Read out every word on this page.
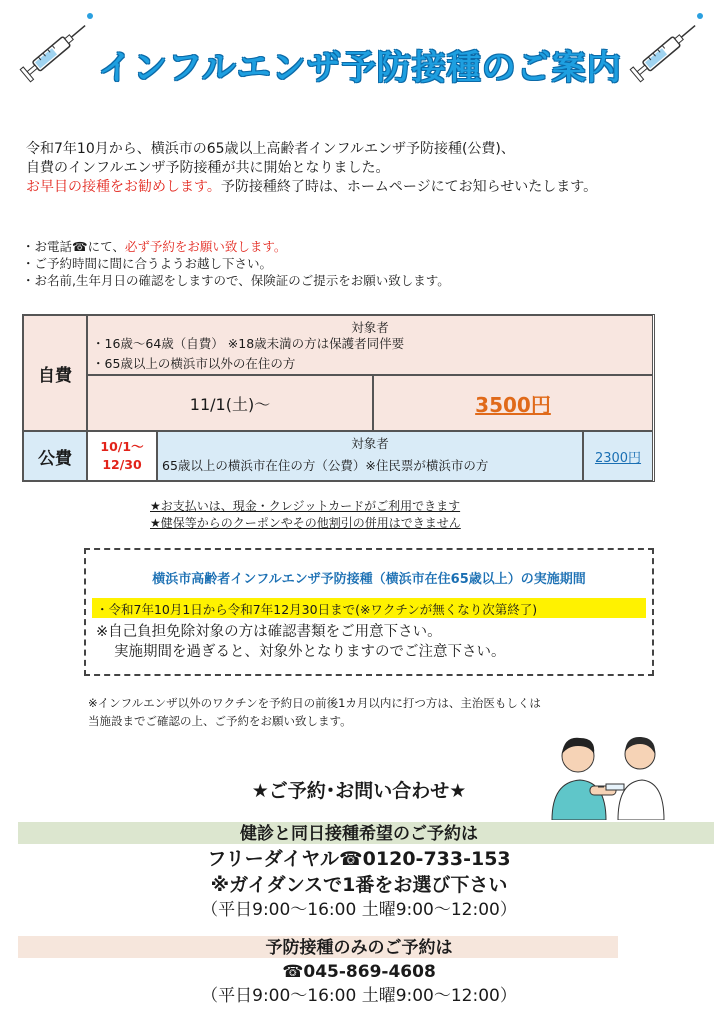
インフルエンザ予防接種のご案内
令和7年10月から、横浜市の65歳以上高齢者インフルエンザ予防接種(公費)、
自費のインフルエンザ予防接種が共に開始となりました。
お早目の接種をお勧めします。予防接種終了時は、ホームページにてお知らせいたします。
・お電話☎にて、必ず予約をお願い致します。
・ご予約時間に間に合うようお越し下さい。
・お名前,生年月日の確認をしますので、保険証のご提示をお願い致します。
自費
対象者
・16歳～64歳（自費） ※18歳未満の方は保護者同伴要
・65歳以上の横浜市以外の在住の方
11/1(土)～	3500円
公費
10/1～
12/30
対象者
65歳以上の横浜市在住の方（公費）※住民票が横浜市の方	2300円
★お支払いは、現金・クレジットカードがご利用できます
★健保等からのクーポンやその他割引の併用はできません
横浜市高齢者インフルエンザ予防接種（横浜市在住65歳以上）の実施期間
・令和7年10月1日から令和7年12月30日まで(※ワクチンが無くなり次第終了)
※自己負担免除対象の方は確認書類をご用意下さい。
実施期間を過ぎると、対象外となりますのでご注意下さい。
※インフルエンザ以外のワクチンを予約日の前後1カ月以内に打つ方は、主治医もしくは
当施設までご確認の上、ご予約をお願い致します。
★ご予約･お問い合わせ★
健診と同日接種希望のご予約は
フリーダイヤル☎0120-733-153
※ガイダンスで1番をお選び下さい
（平日9:00～16:00 土曜9:00～12:00）
予防接種のみのご予約は
☎045-869-4608
（平日9:00～16:00 土曜9:00～12:00）
